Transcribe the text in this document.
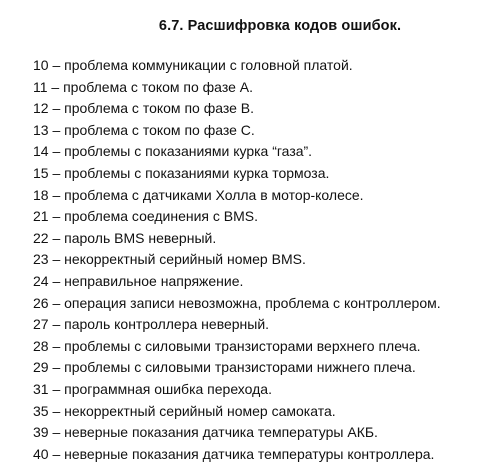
6.7. Расшифровка кодов ошибок.
10 – проблема коммуникации с головной платой.
11 – проблема с током по фазе А.
12 – проблема с током по фазе В.
13 – проблема с током по фазе С.
14 – проблемы с показаниями курка “газа”.
15 – проблемы с показаниями курка тормоза.
18 – проблема с датчиками Холла в мотор-колесе.
21 – проблема соединения с BMS.
22 – пароль BMS неверный.
23 – некорректный серийный номер BMS.
24 – неправильное напряжение.
26 – операция записи невозможна, проблема с контроллером.
27 – пароль контроллера неверный.
28 – проблемы с силовыми транзисторами верхнего плеча.
29 – проблемы с силовыми транзисторами нижнего плеча.
31 – программная ошибка перехода.
35 – некорректный серийный номер самоката.
39 – неверные показания датчика температуры АКБ.
40 – неверные показания датчика температуры контроллера.
